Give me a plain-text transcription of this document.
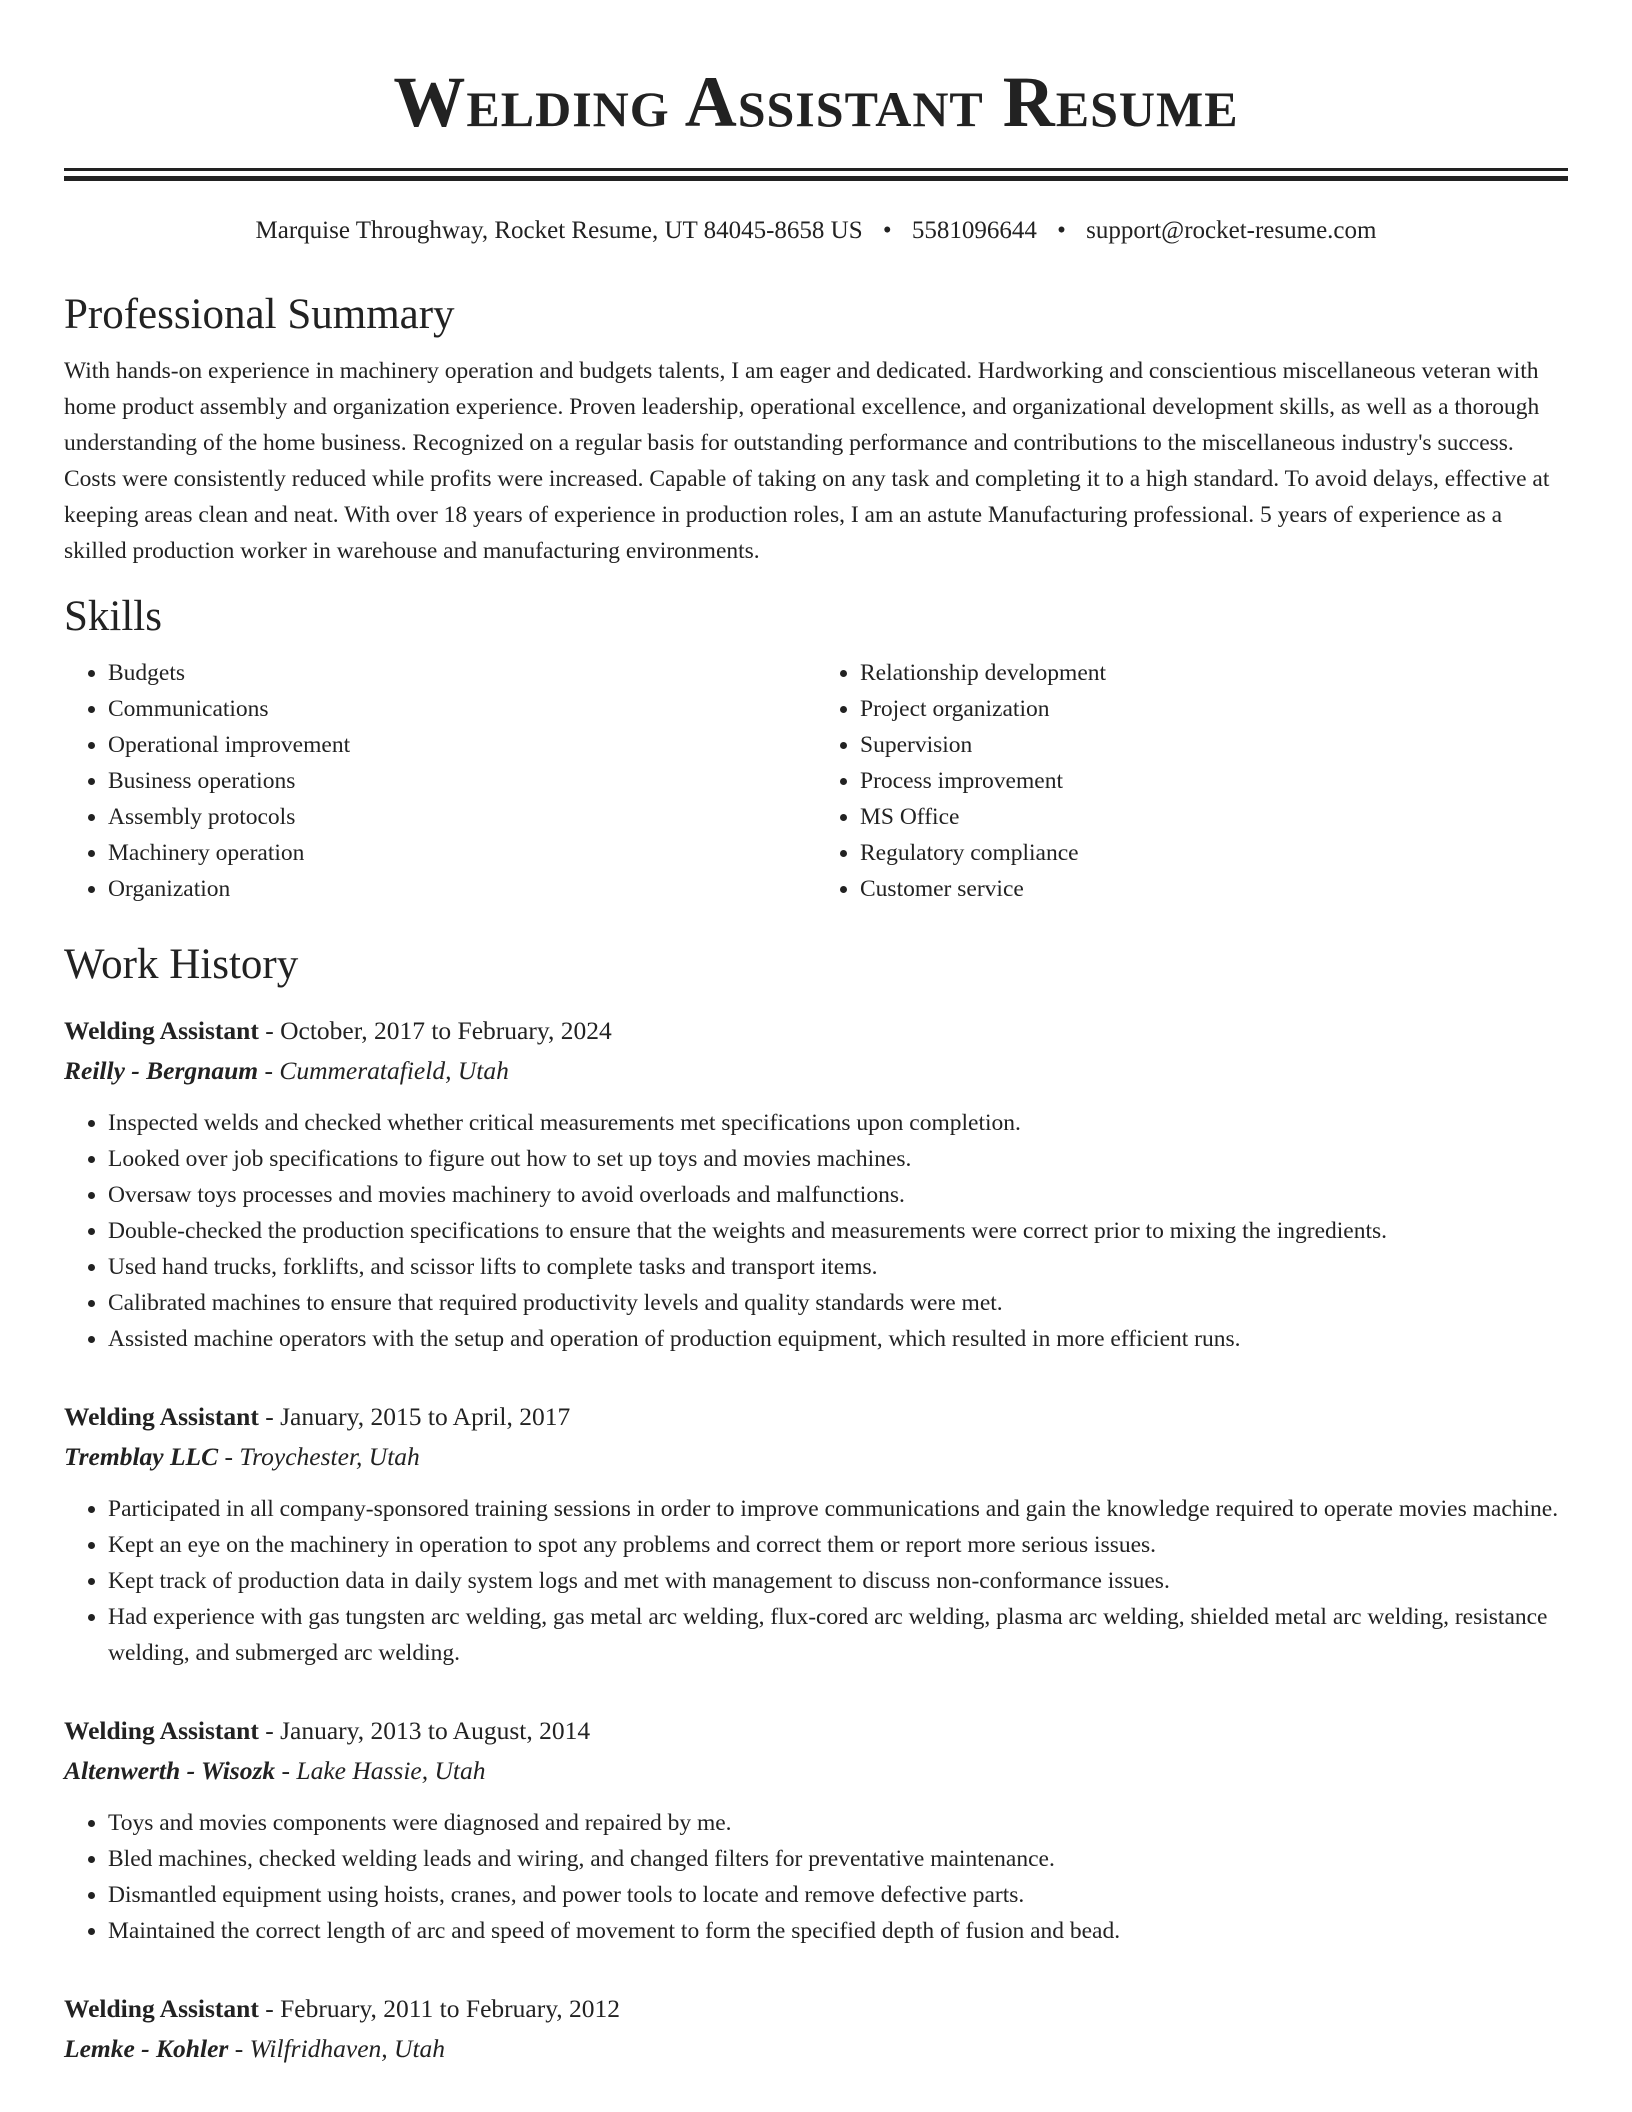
Welding Assistant Resume
Marquise Throughway, Rocket Resume, UT 84045-8658 US • 5581096644 • support@rocket-resume.com
Professional Summary

With hands-on experience in machinery operation and budgets talents, I am eager and dedicated. Hardworking and conscientious miscellaneous veteran with home product assembly and organization experience. Proven leadership, operational excellence, and organizational development skills, as well as a thorough understanding of the home business. Recognized on a regular basis for outstanding performance and contributions to the miscellaneous industry's success. Costs were consistently reduced while profits were increased. Capable of taking on any task and completing it to a high standard. To avoid delays, effective at keeping areas clean and neat. With over 18 years of experience in production roles, I am an astute Manufacturing professional. 5 years of experience as a skilled production worker in warehouse and manufacturing environments.

Skills
• Budgets
• Communications
• Operational improvement
• Business operations
• Assembly protocols
• Machinery operation
• Organization
• Relationship development
• Project organization
• Supervision
• Process improvement
• MS Office
• Regulatory compliance
• Customer service
Work History
Welding Assistant - October, 2017 to February, 2024
Reilly - Bergnaum - Cummeratafield, Utah
• Inspected welds and checked whether critical measurements met specifications upon completion.
• Looked over job specifications to figure out how to set up toys and movies machines.
• Oversaw toys processes and movies machinery to avoid overloads and malfunctions.
• Double-checked the production specifications to ensure that the weights and measurements were correct prior to mixing the ingredients.
• Used hand trucks, forklifts, and scissor lifts to complete tasks and transport items.
• Calibrated machines to ensure that required productivity levels and quality standards were met.
• Assisted machine operators with the setup and operation of production equipment, which resulted in more efficient runs.
Welding Assistant - January, 2015 to April, 2017
Tremblay LLC - Troychester, Utah
• Participated in all company-sponsored training sessions in order to improve communications and gain the knowledge required to operate movies machine.
• Kept an eye on the machinery in operation to spot any problems and correct them or report more serious issues.
• Kept track of production data in daily system logs and met with management to discuss non-conformance issues.
• Had experience with gas tungsten arc welding, gas metal arc welding, flux-cored arc welding, plasma arc welding, shielded metal arc welding, resistance welding, and submerged arc welding.
Welding Assistant - January, 2013 to August, 2014
Altenwerth - Wisozk - Lake Hassie, Utah
• Toys and movies components were diagnosed and repaired by me.
• Bled machines, checked welding leads and wiring, and changed filters for preventative maintenance.
• Dismantled equipment using hoists, cranes, and power tools to locate and remove defective parts.
• Maintained the correct length of arc and speed of movement to form the specified depth of fusion and bead.
Welding Assistant - February, 2011 to February, 2012
Lemke - Kohler - Wilfridhaven, Utah
